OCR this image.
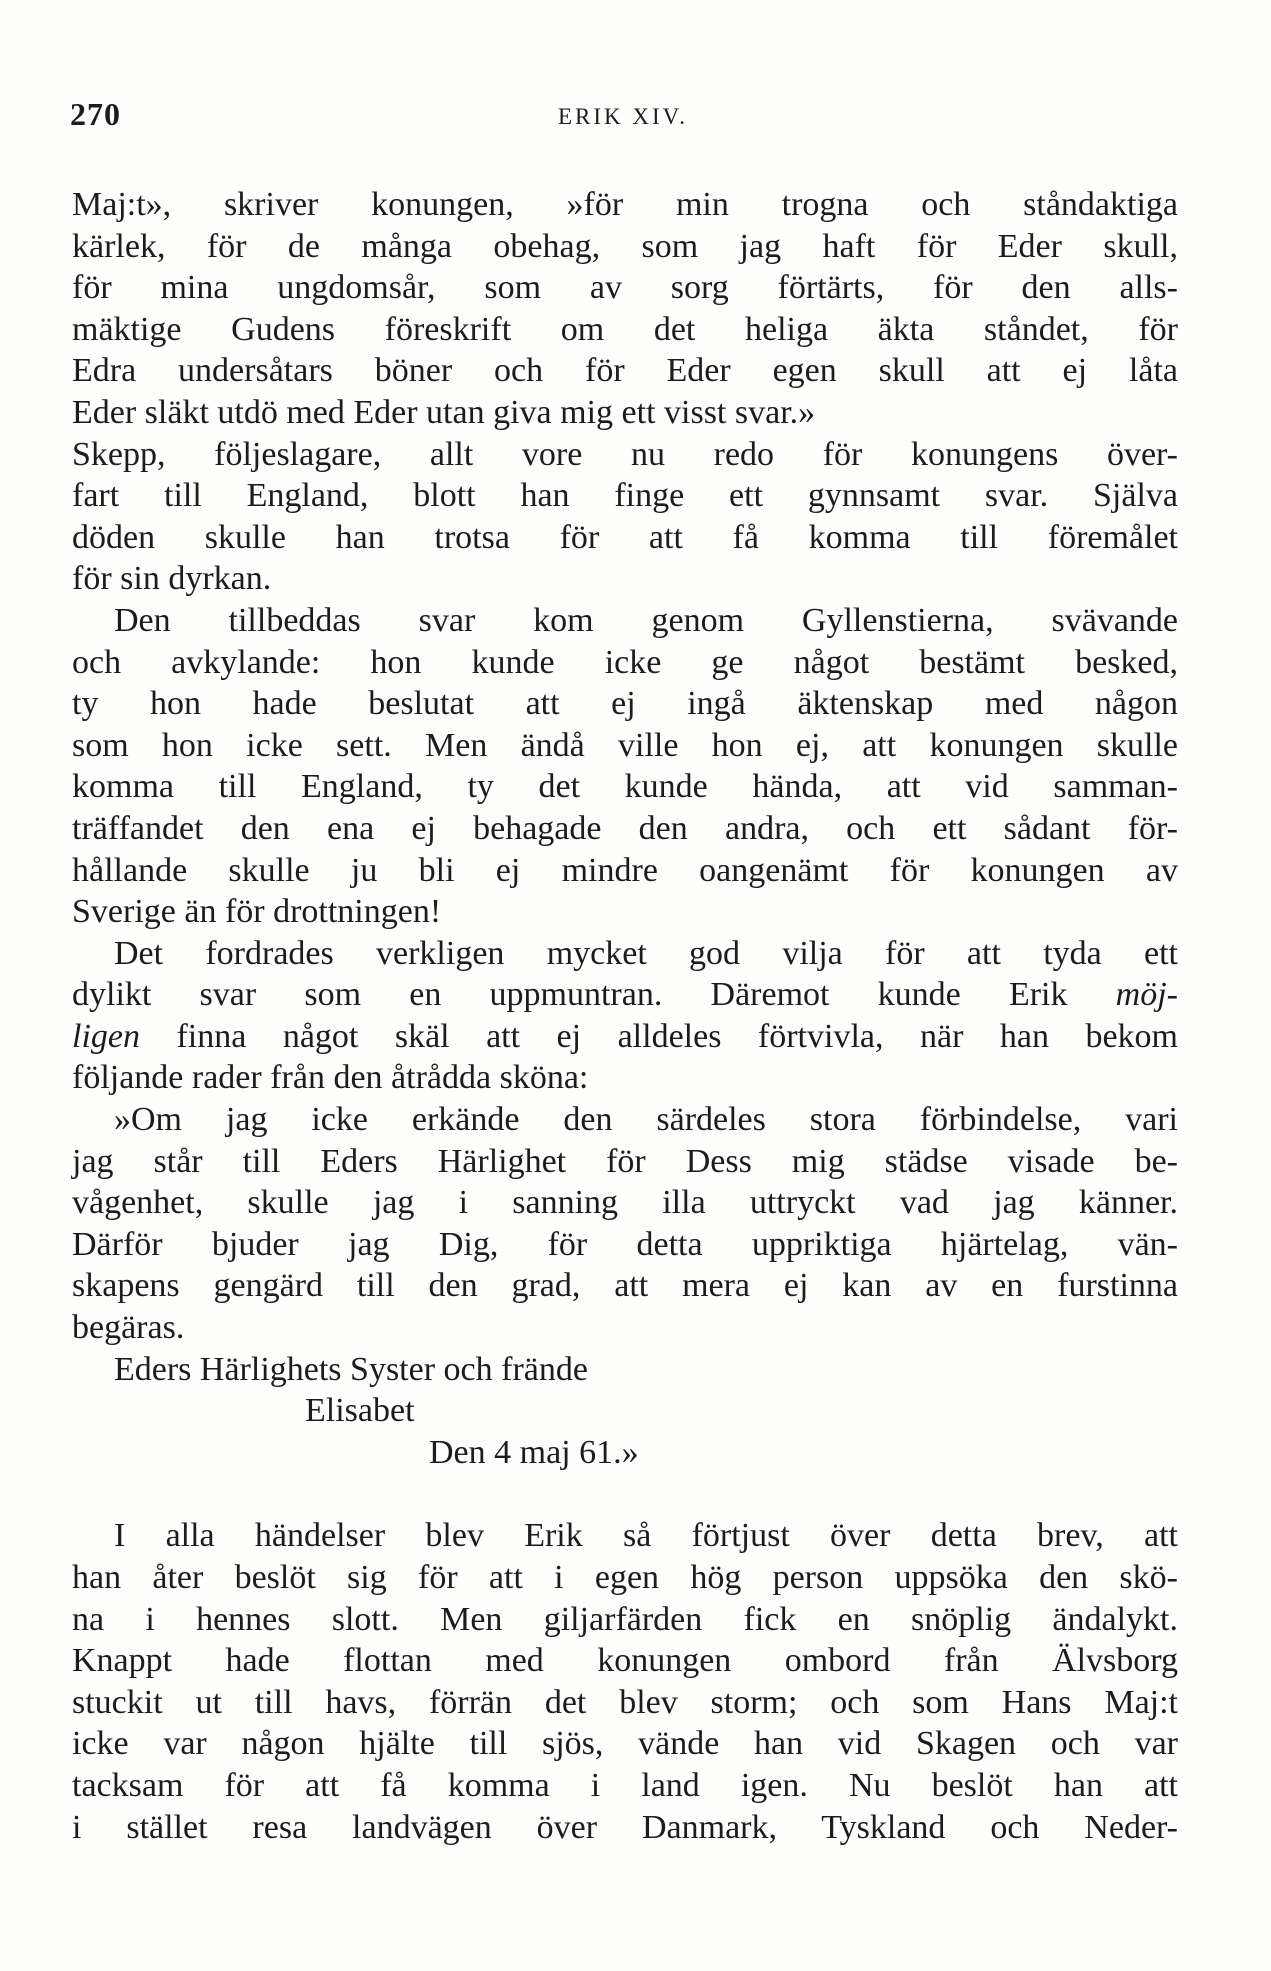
270	ERIK XIV.
Maj:t», skriver konungen, »för min trogna och ståndaktiga
kärlek, för de många obehag, som jag haft för Eder skull,
för mina ungdomsår, som av sorg förtärts, för den alls-
mäktige Gudens föreskrift om det heliga äkta ståndet, för
Edra undersåtars böner och för Eder egen skull att ej låta
Eder släkt utdö med Eder utan giva mig ett visst svar.»
Skepp, följeslagare, allt vore nu redo för konungens över-
fart till England, blott han finge ett gynnsamt svar. Själva
döden skulle han trotsa för att få komma till föremålet
för sin dyrkan.
Den tillbeddas svar kom genom Gyllenstierna, svävande
och avkylande: hon kunde icke ge något bestämt besked,
ty hon hade beslutat att ej ingå äktenskap med någon
som hon icke sett. Men ändå ville hon ej, att konungen skulle
komma till England, ty det kunde hända, att vid samman-
träffandet den ena ej behagade den andra, och ett sådant för-
hållande skulle ju bli ej mindre oangenämt för konungen av
Sverige än för drottningen!
Det fordrades verkligen mycket god vilja för att tyda ett
dylikt svar som en uppmuntran. Däremot kunde Erik möj-
ligen finna något skäl att ej alldeles förtvivla, när han bekom
följande rader från den åtrådda sköna:
»Om jag icke erkände den särdeles stora förbindelse, vari
jag står till Eders Härlighet för Dess mig städse visade be-
vågenhet, skulle jag i sanning illa uttryckt vad jag känner.
Därför bjuder jag Dig, för detta uppriktiga hjärtelag, vän-
skapens gengärd till den grad, att mera ej kan av en furstinna
begäras.
Eders Härlighets Syster och frände
Elisabet
Den 4 maj 61.»
I alla händelser blev Erik så förtjust över detta brev, att
han åter beslöt sig för att i egen hög person uppsöka den skö-
na i hennes slott. Men giljarfärden fick en snöplig ändalykt.
Knappt hade flottan med konungen ombord från Älvsborg
stuckit ut till havs, förrän det blev storm; och som Hans Maj:t
icke var någon hjälte till sjös, vände han vid Skagen och var
tacksam för att få komma i land igen. Nu beslöt han att
i stället resa landvägen över Danmark, Tyskland och Neder-
